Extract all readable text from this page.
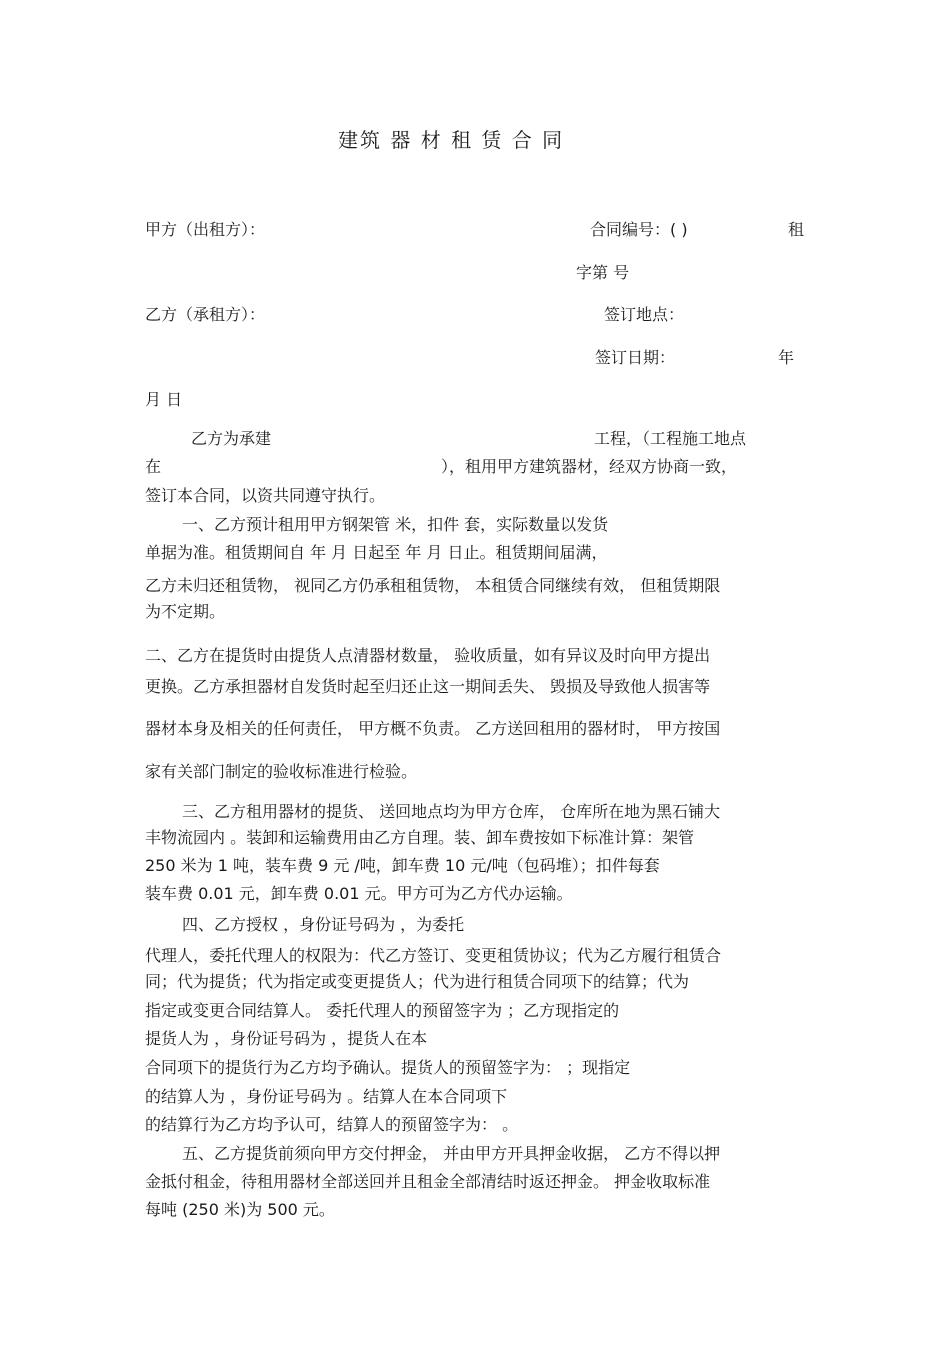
建筑 器 材 租 赁 合 同
甲方（出租方）：	合同编号：( )	租
字第 号
乙方（承租方）：	签订地点：
签订日期：	年
月 日
乙方为承建	工程，（工程施工地点
在	），租用甲方建筑器材，经双方协商一致，
签订本合同，以资共同遵守执行。
一、乙方预计租用甲方钢架管 米，扣件 套，实际数量以发货
单据为准。租赁期间自 年 月 日起至 年 月 日止。租赁期间届满，
乙方未归还租赁物， 视同乙方仍承租租赁物， 本租赁合同继续有效， 但租赁期限
为不定期。
二、乙方在提货时由提货人点清器材数量， 验收质量，如有异议及时向甲方提出
更换。乙方承担器材自发货时起至归还止这一期间丢失、 毁损及导致他人损害等
器材本身及相关的任何责任， 甲方概不负责。 乙方送回租用的器材时， 甲方按国
家有关部门制定的验收标准进行检验。
三、乙方租用器材的提货、 送回地点均为甲方仓库， 仓库所在地为黑石铺大
丰物流园内 。装卸和运输费用由乙方自理。装、卸车费按如下标准计算：架管
250 米为 1 吨，装车费 9 元 /吨，卸车费 10 元/吨（包码堆）；扣件每套
装车费 0.01 元，卸车费 0.01 元。甲方可为乙方代办运输。
四、乙方授权 ，身份证号码为 ，为委托
代理人，委托代理人的权限为：代乙方签订、变更租赁协议；代为乙方履行租赁合
同；代为提货；代为指定或变更提货人；代为进行租赁合同项下的结算；代为
指定或变更合同结算人。 委托代理人的预留签字为 ；乙方现指定的
提货人为 ，身份证号码为 ，提货人在本
合同项下的提货行为乙方均予确认。提货人的预留签字为： ；现指定
的结算人为 ，身份证号码为 。结算人在本合同项下
的结算行为乙方均予认可，结算人的预留签字为： 。
五、乙方提货前须向甲方交付押金， 并由甲方开具押金收据， 乙方不得以押
金抵付租金，待租用器材全部送回并且租金全部清结时返还押金。 押金收取标准
每吨 (250 米)为 500 元。
